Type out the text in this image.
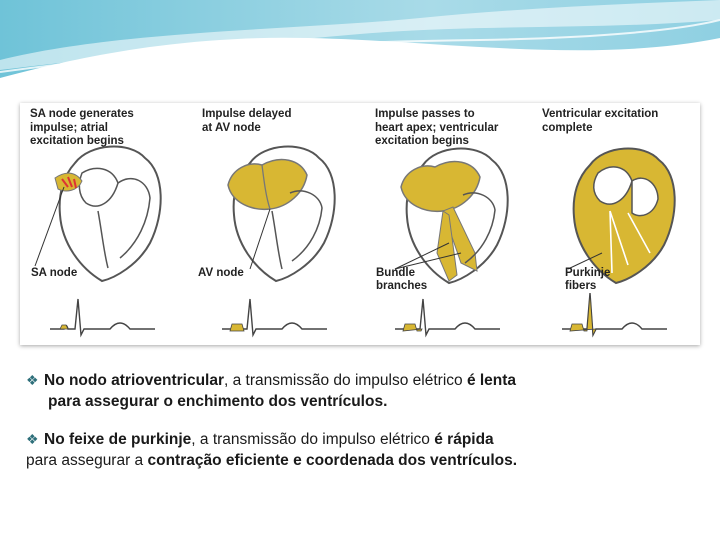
SA node generates
impulse; atrial
excitation begins
SA node
Impulse delayed
at AV node
AV node
Impulse passes to
heart apex; ventricular
excitation begins
Bundle
branches
Ventricular excitation
complete
Purkinje
fibers
❖ No nodo atrioventricular, a transmissão do impulso elétrico é lenta
para assegurar o enchimento dos ventrículos.
❖ No feixe de purkinje, a transmissão do impulso elétrico é rápida
para assegurar a contração eficiente e coordenada dos ventrículos.
